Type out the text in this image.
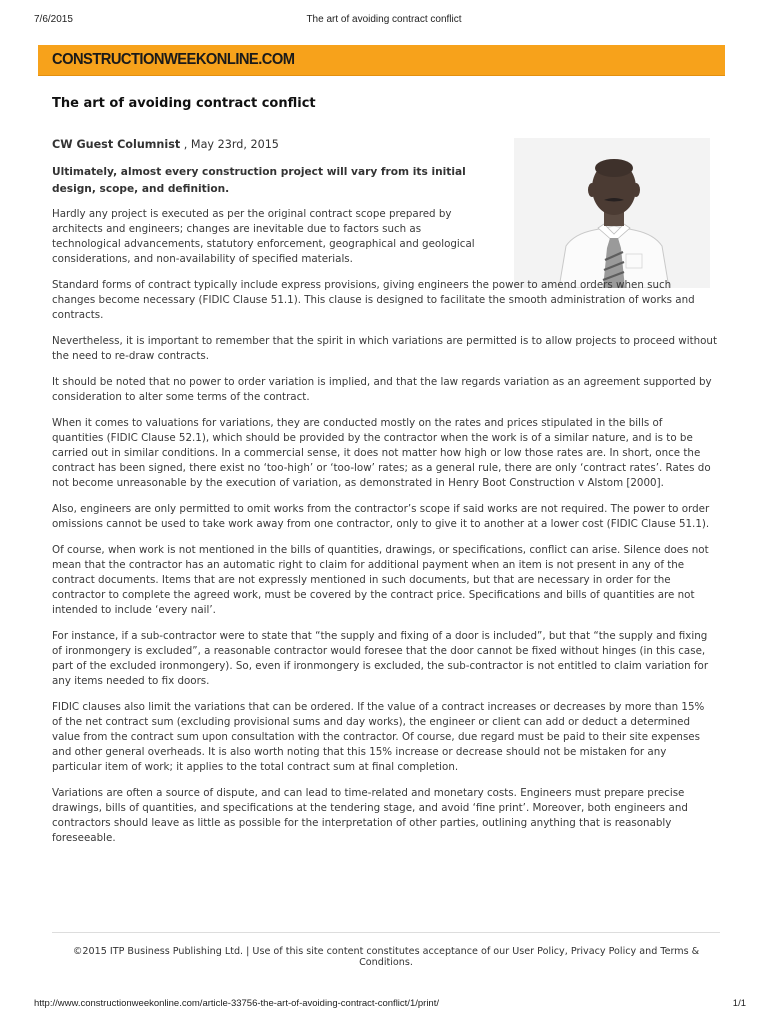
7/6/2015	The art of avoiding contract conflict
CONSTRUCTIONWEEKONLINE.COM
The art of avoiding contract conflict
CW Guest Columnist , May 23rd, 2015

Ultimately, almost every construction project will vary from its initial design, scope, and definition.

Hardly any project is executed as per the original contract scope prepared by architects and engineers; changes are inevitable due to factors such as technological advancements, statutory enforcement, geographical and geological considerations, and non-availability of specified materials.

Standard forms of contract typically include express provisions, giving engineers the power to amend orders when such changes become necessary (FIDIC Clause 51.1). This clause is designed to facilitate the smooth administration of works and contracts.

Nevertheless, it is important to remember that the spirit in which variations are permitted is to allow projects to proceed without the need to re-draw contracts.

It should be noted that no power to order variation is implied, and that the law regards variation as an agreement supported by consideration to alter some terms of the contract.

When it comes to valuations for variations, they are conducted mostly on the rates and prices stipulated in the bills of quantities (FIDIC Clause 52.1), which should be provided by the contractor when the work is of a similar nature, and is to be carried out in similar conditions. In a commercial sense, it does not matter how high or low those rates are. In short, once the contract has been signed, there exist no ‘too-high’ or ‘too-low’ rates; as a general rule, there are only ‘contract rates’. Rates do not become unreasonable by the execution of variation, as demonstrated in Henry Boot Construction v Alstom [2000].

Also, engineers are only permitted to omit works from the contractor’s scope if said works are not required. The power to order omissions cannot be used to take work away from one contractor, only to give it to another at a lower cost (FIDIC Clause 51.1).

Of course, when work is not mentioned in the bills of quantities, drawings, or specifications, conflict can arise. Silence does not mean that the contractor has an automatic right to claim for additional payment when an item is not present in any of the contract documents. Items that are not expressly mentioned in such documents, but that are necessary in order for the contractor to complete the agreed work, must be covered by the contract price. Specifications and bills of quantities are not intended to include ‘every nail’.

For instance, if a sub-contractor were to state that “the supply and fixing of a door is included”, but that “the supply and fixing of ironmongery is excluded”, a reasonable contractor would foresee that the door cannot be fixed without hinges (in this case, part of the excluded ironmongery). So, even if ironmongery is excluded, the sub-contractor is not entitled to claim variation for any items needed to fix doors.

FIDIC clauses also limit the variations that can be ordered. If the value of a contract increases or decreases by more than 15% of the net contract sum (excluding provisional sums and day works), the engineer or client can add or deduct a determined value from the contract sum upon consultation with the contractor. Of course, due regard must be paid to their site expenses and other general overheads. It is also worth noting that this 15% increase or decrease should not be mistaken for any particular item of work; it applies to the total contract sum at final completion.

Variations are often a source of dispute, and can lead to time-related and monetary costs. Engineers must prepare precise drawings, bills of quantities, and specifications at the tendering stage, and avoid ‘fine print’. Moreover, both engineers and contractors should leave as little as possible for the interpretation of other parties, outlining anything that is reasonably foreseeable.

©2015 ITP Business Publishing Ltd. | Use of this site content constitutes acceptance of our User Policy, Privacy Policy and Terms & Conditions.
http://www.constructionweekonline.com/article-33756-the-art-of-avoiding-contract-conflict/1/print/	1/1
